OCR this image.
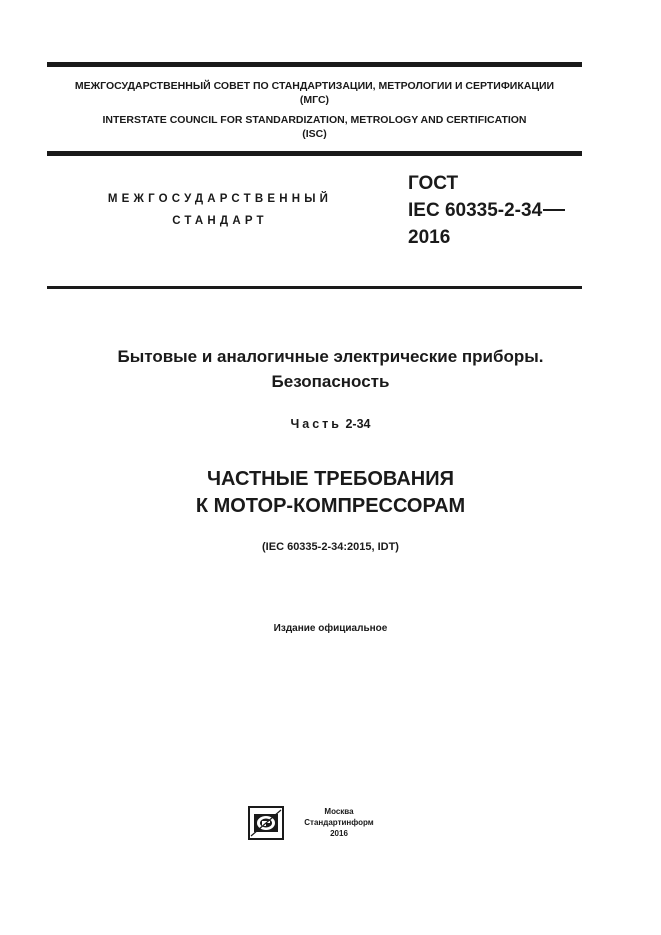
МЕЖГОСУДАРСТВЕННЫЙ СОВЕТ ПО СТАНДАРТИЗАЦИИ, МЕТРОЛОГИИ И СЕРТИФИКАЦИИ
(МГС)
INTERSTATE COUNCIL FOR STANDARDIZATION, METROLOGY AND CERTIFICATION
(ISC)
МЕЖГОСУДАРСТВЕННЫЙ
СТАНДАРТ
ГОСТ
IEC 60335-2-34
2016
Бытовые и аналогичные электрические приборы.
Безопасность
Часть 2-34
ЧАСТНЫЕ ТРЕБОВАНИЯ
К МОТОР-КОМПРЕССОРАМ
(IEC 60335-2-34:2015, IDT)
Издание официальное
Москва
Стандартинформ
2016
